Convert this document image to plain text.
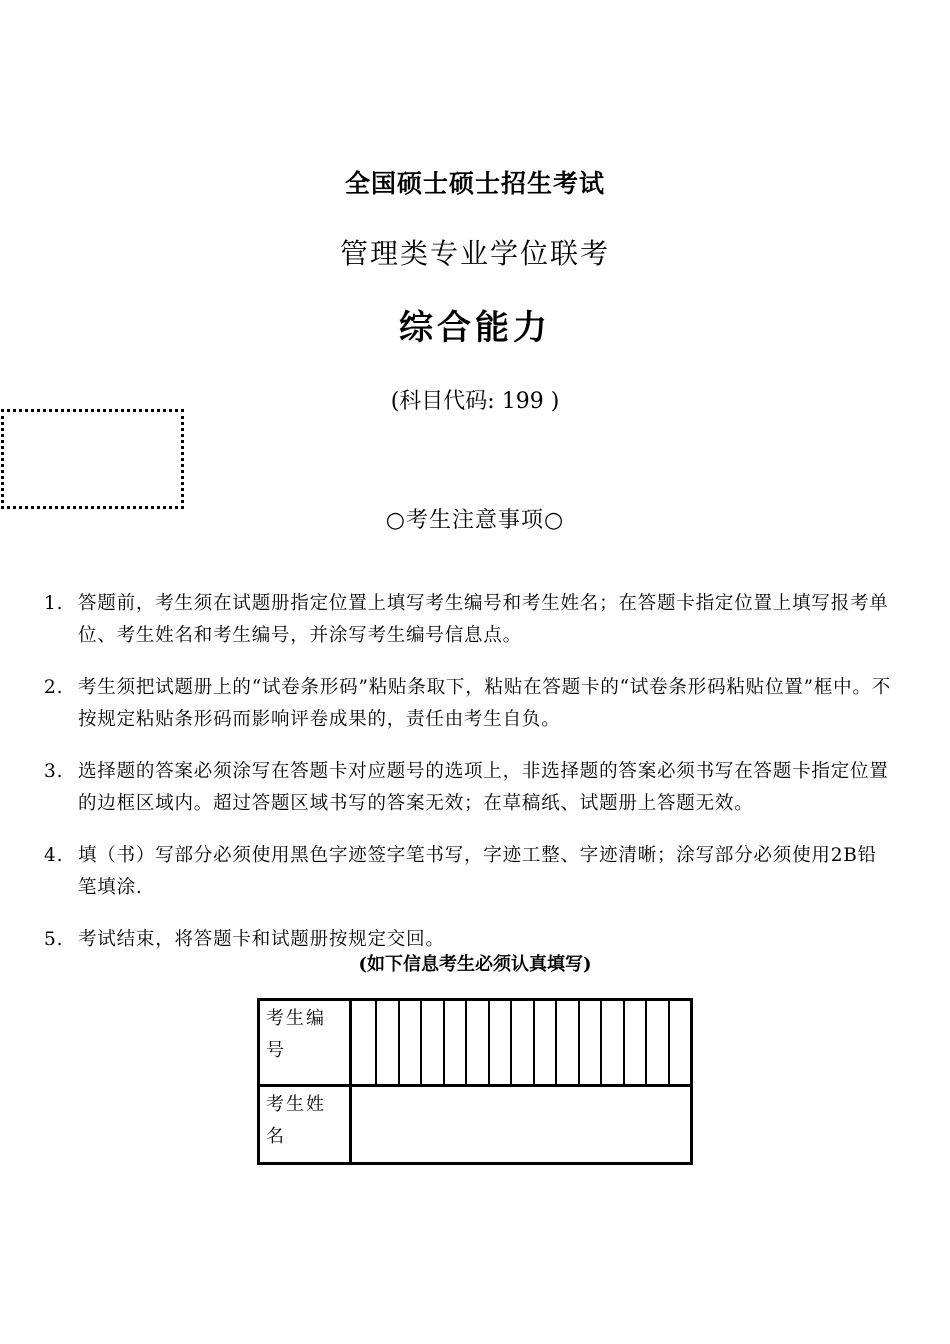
全国硕士硕士招生考试
管理类专业学位联考
综合能力
(科目代码: 199 )
○考生注意事项○
1. 答题前，考生须在试题册指定位置上填写考生编号和考生姓名；在答题卡指定位置上填写报考单位、考生姓名和考生编号，并涂写考生编号信息点。
2. 考生须把试题册上的“试卷条形码”粘贴条取下，粘贴在答题卡的“试卷条形码粘贴位置”框中。不按规定粘贴条形码而影响评卷成果的，责任由考生自负。
3. 选择题的答案必须涂写在答题卡对应题号的选项上，非选择题的答案必须书写在答题卡指定位置的边框区域内。超过答题区域书写的答案无效；在草稿纸、试题册上答题无效。
4. 填（书）写部分必须使用黑色字迹签字笔书写，字迹工整、字迹清晰；涂写部分必须使用2B铅笔填涂.
5. 考试结束，将答题卡和试题册按规定交回。
(如下信息考生必须认真填写)
考生编号
考生姓名
